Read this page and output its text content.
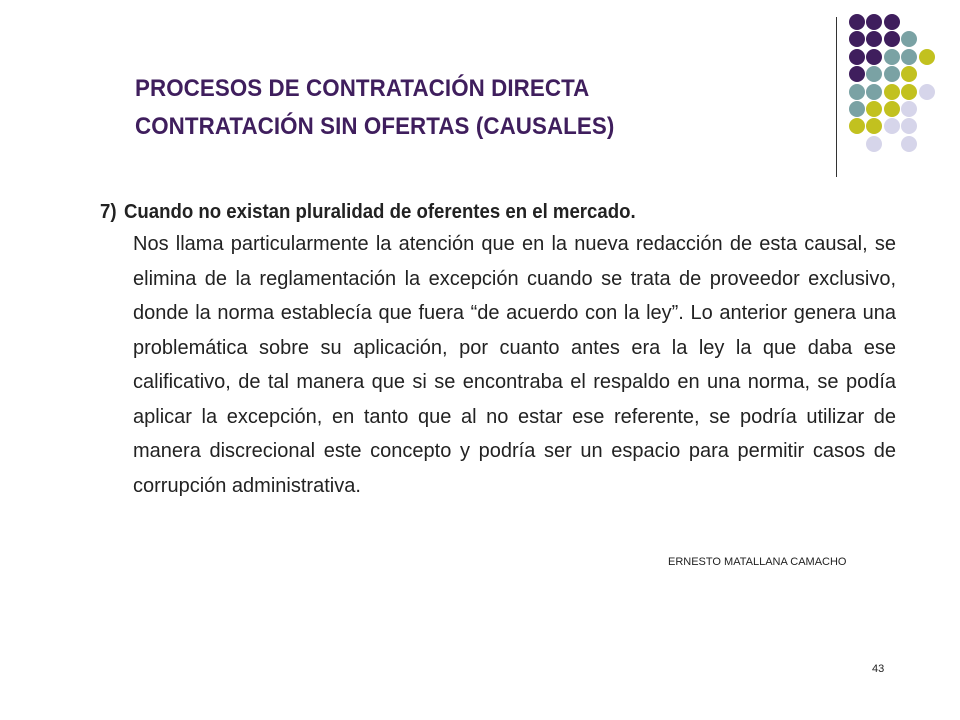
PROCESOS DE CONTRATACIÓN DIRECTA
CONTRATACIÓN SIN OFERTAS (CAUSALES)
7) Cuando no existan pluralidad de oferentes en el mercado.

Nos llama particularmente la atención que en la nueva redacción de esta causal, se elimina de la reglamentación la excepción cuando se trata de proveedor exclusivo, donde la norma establecía que fuera “de acuerdo con la ley”. Lo anterior genera una problemática sobre su aplicación, por cuanto antes era la ley la que daba ese calificativo, de tal manera que si se encontraba el respaldo en una norma, se podía aplicar la excepción, en tanto que al no estar ese referente, se podría utilizar de manera discrecional este concepto y podría ser un espacio para permitir casos de corrupción administrativa.

ERNESTO MATALLANA CAMACHO
43
